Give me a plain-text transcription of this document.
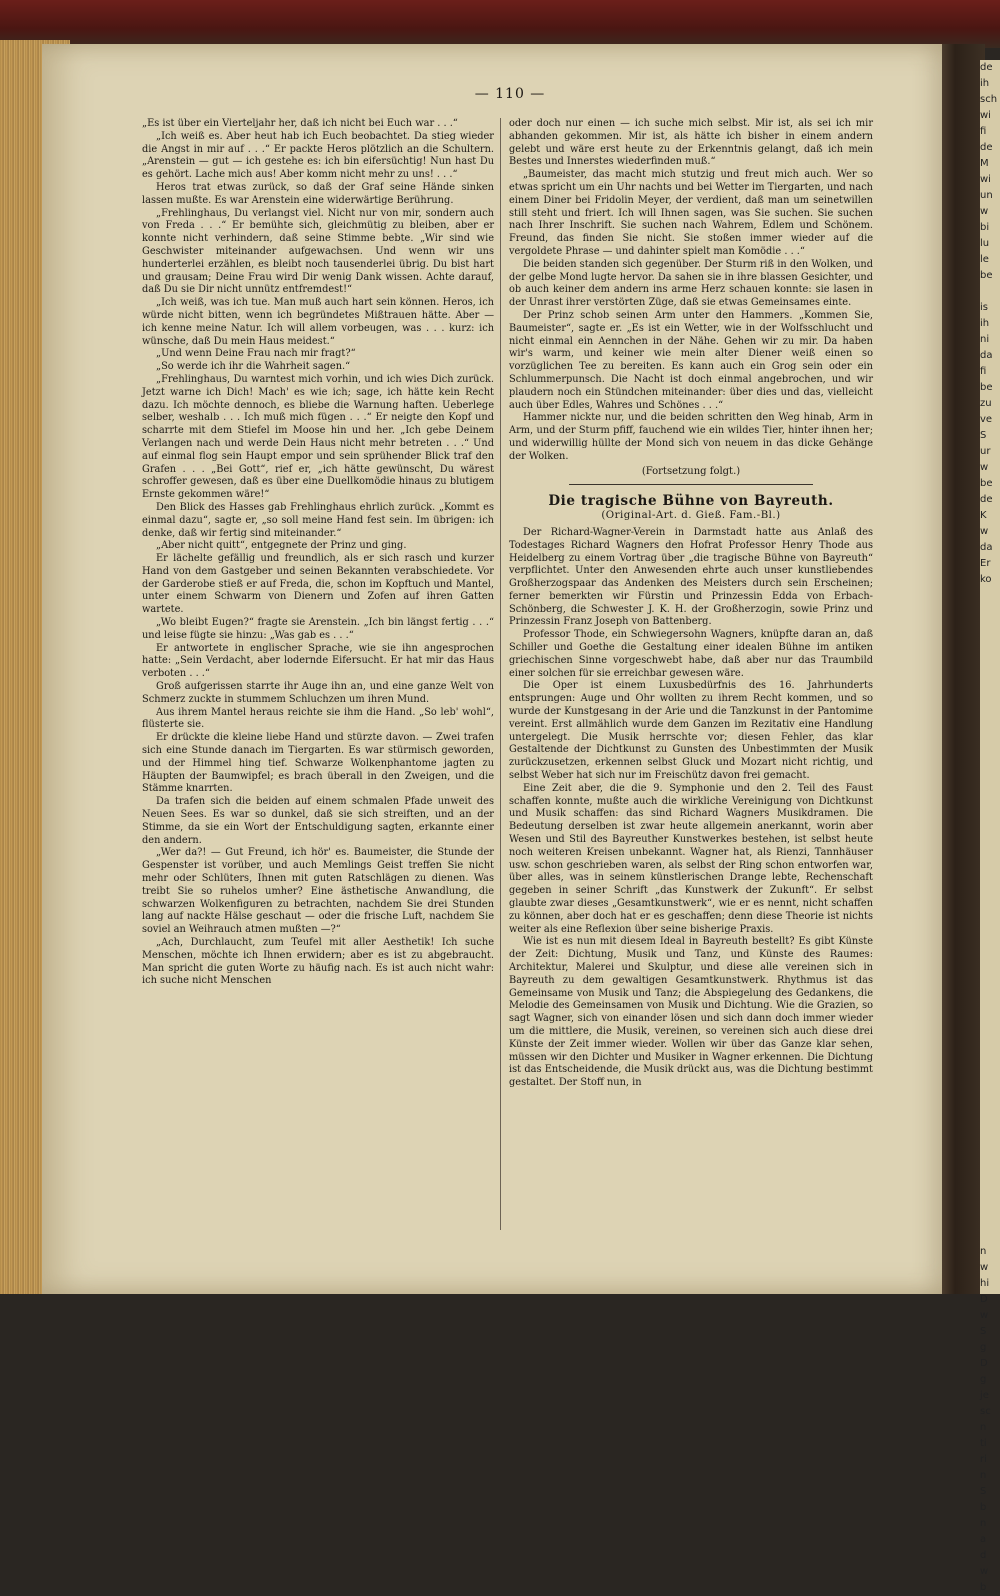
de
ih
sch
wi
fi
de
M
wi
un
w
bi
lu
le
be
is
ih
ni
da
fi
be
zu
ve
S
ur
w
be
de
K
w
da
Er
ko
n
w
hi
D
w
S
g
D
g
je
sc
n
ti
ri
n
S
b
n
a
d
w
b
— 110 —

„Es ist über ein Vierteljahr her, daß ich nicht bei Euch war . . .“

„Ich weiß es. Aber heut hab ich Euch beobachtet. Da stieg wieder die Angst in mir auf . . .“ Er packte Heros plötzlich an die Schultern. „Arenstein — gut — ich gestehe es: ich bin eifersüchtig! Nun hast Du es gehört. Lache mich aus! Aber komm nicht mehr zu uns! . . .“

Heros trat etwas zurück, so daß der Graf seine Hände sinken lassen mußte. Es war Arenstein eine widerwärtige Berührung.

„Frehlinghaus, Du verlangst viel. Nicht nur von mir, sondern auch von Freda . . .“ Er bemühte sich, gleichmütig zu bleiben, aber er konnte nicht verhindern, daß seine Stimme bebte. „Wir sind wie Geschwister miteinander aufgewachsen. Und wenn wir uns hunderterlei erzählen, es bleibt noch tausenderlei übrig. Du bist hart und grausam; Deine Frau wird Dir wenig Dank wissen. Achte darauf, daß Du sie Dir nicht unnütz entfremdest!“

„Ich weiß, was ich tue. Man muß auch hart sein können. Heros, ich würde nicht bitten, wenn ich begründetes Mißtrauen hätte. Aber — ich kenne meine Natur. Ich will allem vorbeugen, was . . . kurz: ich wünsche, daß Du mein Haus meidest.“

„Und wenn Deine Frau nach mir fragt?“

„So werde ich ihr die Wahrheit sagen.“

„Frehlinghaus, Du warntest mich vorhin, und ich wies Dich zurück. Jetzt warne ich Dich! Mach' es wie ich; sage, ich hätte kein Recht dazu. Ich möchte dennoch, es bliebe die Warnung haften. Ueberlege selber, weshalb . . . Ich muß mich fügen . . .“ Er neigte den Kopf und scharrte mit dem Stiefel im Moose hin und her. „Ich gebe Deinem Verlangen nach und werde Dein Haus nicht mehr betreten . . .“ Und auf einmal flog sein Haupt empor und sein sprühender Blick traf den Grafen . . . „Bei Gott“, rief er, „ich hätte gewünscht, Du wärest schroffer gewesen, daß es über eine Duellkomödie hinaus zu blutigem Ernste gekommen wäre!“

Den Blick des Hasses gab Frehlinghaus ehrlich zurück. „Kommt es einmal dazu“, sagte er, „so soll meine Hand fest sein. Im übrigen: ich denke, daß wir fertig sind miteinander.“

„Aber nicht quitt“, entgegnete der Prinz und ging.

Er lächelte gefällig und freundlich, als er sich rasch und kurzer Hand von dem Gastgeber und seinen Bekannten verabschiedete. Vor der Garderobe stieß er auf Freda, die, schon im Kopftuch und Mantel, unter einem Schwarm von Dienern und Zofen auf ihren Gatten wartete.

„Wo bleibt Eugen?“ fragte sie Arenstein. „Ich bin längst fertig . . .“ und leise fügte sie hinzu: „Was gab es . . .“

Er antwortete in englischer Sprache, wie sie ihn angesprochen hatte: „Sein Verdacht, aber lodernde Eifersucht. Er hat mir das Haus verboten . . .“

Groß aufgerissen starrte ihr Auge ihn an, und eine ganze Welt von Schmerz zuckte in stummem Schluchzen um ihren Mund.

Aus ihrem Mantel heraus reichte sie ihm die Hand. „So leb' wohl“, flüsterte sie.

Er drückte die kleine liebe Hand und stürzte davon. — Zwei trafen sich eine Stunde danach im Tiergarten. Es war stürmisch geworden, und der Himmel hing tief. Schwarze Wolkenphantome jagten zu Häupten der Baumwipfel; es brach überall in den Zweigen, und die Stämme knarrten.

Da trafen sich die beiden auf einem schmalen Pfade unweit des Neuen Sees. Es war so dunkel, daß sie sich streiften, und an der Stimme, da sie ein Wort der Entschuldigung sagten, erkannte einer den andern.

„Wer da?! — Gut Freund, ich hör' es. Baumeister, die Stunde der Gespenster ist vorüber, und auch Memlings Geist treffen Sie nicht mehr oder Schlüters, Ihnen mit guten Ratschlägen zu dienen. Was treibt Sie so ruhelos umher? Eine ästhetische Anwandlung, die schwarzen Wolkenfiguren zu betrachten, nachdem Sie drei Stunden lang auf nackte Hälse geschaut — oder die frische Luft, nachdem Sie soviel an Weihrauch atmen mußten —?“

„Ach, Durchlaucht, zum Teufel mit aller Aesthetik! Ich suche Menschen, möchte ich Ihnen erwidern; aber es ist zu abgebraucht. Man spricht die guten Worte zu häufig nach. Es ist auch nicht wahr: ich suche nicht Menschen

oder doch nur einen — ich suche mich selbst. Mir ist, als sei ich mir abhanden gekommen. Mir ist, als hätte ich bisher in einem andern gelebt und wäre erst heute zu der Erkenntnis gelangt, daß ich mein Bestes und Innerstes wiederfinden muß.“

„Baumeister, das macht mich stutzig und freut mich auch. Wer so etwas spricht um ein Uhr nachts und bei Wetter im Tiergarten, und nach einem Diner bei Fridolin Meyer, der verdient, daß man um seinetwillen still steht und friert. Ich will Ihnen sagen, was Sie suchen. Sie suchen nach Ihrer Inschrift. Sie suchen nach Wahrem, Edlem und Schönem. Freund, das finden Sie nicht. Sie stoßen immer wieder auf die vergoldete Phrase — und dahinter spielt man Komödie . . .“

Die beiden standen sich gegenüber. Der Sturm riß in den Wolken, und der gelbe Mond lugte hervor. Da sahen sie in ihre blassen Gesichter, und ob auch keiner dem andern ins arme Herz schauen konnte: sie lasen in der Unrast ihrer verstörten Züge, daß sie etwas Gemeinsames einte.

Der Prinz schob seinen Arm unter den Hammers. „Kommen Sie, Baumeister“, sagte er. „Es ist ein Wetter, wie in der Wolfsschlucht und nicht einmal ein Aennchen in der Nähe. Gehen wir zu mir. Da haben wir's warm, und keiner wie mein alter Diener weiß einen so vorzüglichen Tee zu bereiten. Es kann auch ein Grog sein oder ein Schlummerpunsch. Die Nacht ist doch einmal angebrochen, und wir plaudern noch ein Stündchen miteinander: über dies und das, vielleicht auch über Edles, Wahres und Schönes . . .“

Hammer nickte nur, und die beiden schritten den Weg hinab, Arm in Arm, und der Sturm pfiff, fauchend wie ein wildes Tier, hinter ihnen her; und widerwillig hüllte der Mond sich von neuem in das dicke Gehänge der Wolken.

(Fortsetzung folgt.)
Die tragische Bühne von Bayreuth.
(Original-Art. d. Gieß. Fam.-Bl.)

Der Richard-Wagner-Verein in Darmstadt hatte aus Anlaß des Todestages Richard Wagners den Hofrat Professor Henry Thode aus Heidelberg zu einem Vortrag über „die tragische Bühne von Bayreuth“ verpflichtet. Unter den Anwesenden ehrte auch unser kunstliebendes Großherzogspaar das Andenken des Meisters durch sein Erscheinen; ferner bemerkten wir Fürstin und Prinzessin Edda von Erbach-Schönberg, die Schwester J. K. H. der Großherzogin, sowie Prinz und Prinzessin Franz Joseph von Battenberg.

Professor Thode, ein Schwiegersohn Wagners, knüpfte daran an, daß Schiller und Goethe die Gestaltung einer idealen Bühne im antiken griechischen Sinne vorgeschwebt habe, daß aber nur das Traumbild einer solchen für sie erreichbar gewesen wäre.

Die Oper ist einem Luxusbedürfnis des 16. Jahrhunderts entsprungen: Auge und Ohr wollten zu ihrem Recht kommen, und so wurde der Kunstgesang in der Arie und die Tanzkunst in der Pantomime vereint. Erst allmählich wurde dem Ganzen im Rezitativ eine Handlung untergelegt. Die Musik herrschte vor; diesen Fehler, das klar Gestaltende der Dichtkunst zu Gunsten des Unbestimmten der Musik zurückzusetzen, erkennen selbst Gluck und Mozart nicht richtig, und selbst Weber hat sich nur im Freischütz davon frei gemacht.

Eine Zeit aber, die die 9. Symphonie und den 2. Teil des Faust schaffen konnte, mußte auch die wirkliche Vereinigung von Dichtkunst und Musik schaffen: das sind Richard Wagners Musikdramen. Die Bedeutung derselben ist zwar heute allgemein anerkannt, worin aber Wesen und Stil des Bayreuther Kunstwerkes bestehen, ist selbst heute noch weiteren Kreisen unbekannt. Wagner hat, als Rienzi, Tannhäuser usw. schon geschrieben waren, als selbst der Ring schon entworfen war, über alles, was in seinem künstlerischen Drange lebte, Rechenschaft gegeben in seiner Schrift „das Kunstwerk der Zukunft“. Er selbst glaubte zwar dieses „Gesamtkunstwerk“, wie er es nennt, nicht schaffen zu können, aber doch hat er es geschaffen; denn diese Theorie ist nichts weiter als eine Reflexion über seine bisherige Praxis.

Wie ist es nun mit diesem Ideal in Bayreuth bestellt? Es gibt Künste der Zeit: Dichtung, Musik und Tanz, und Künste des Raumes: Architektur, Malerei und Skulptur, und diese alle vereinen sich in Bayreuth zu dem gewaltigen Gesamtkunstwerk. Rhythmus ist das Gemeinsame von Musik und Tanz; die Abspiegelung des Gedankens, die Melodie des Gemeinsamen von Musik und Dichtung. Wie die Grazien, so sagt Wagner, sich von einander lösen und sich dann doch immer wieder um die mittlere, die Musik, vereinen, so vereinen sich auch diese drei Künste der Zeit immer wieder. Wollen wir über das Ganze klar sehen, müssen wir den Dichter und Musiker in Wagner erkennen. Die Dichtung ist das Entscheidende, die Musik drückt aus, was die Dichtung bestimmt gestaltet. Der Stoff nun, in
